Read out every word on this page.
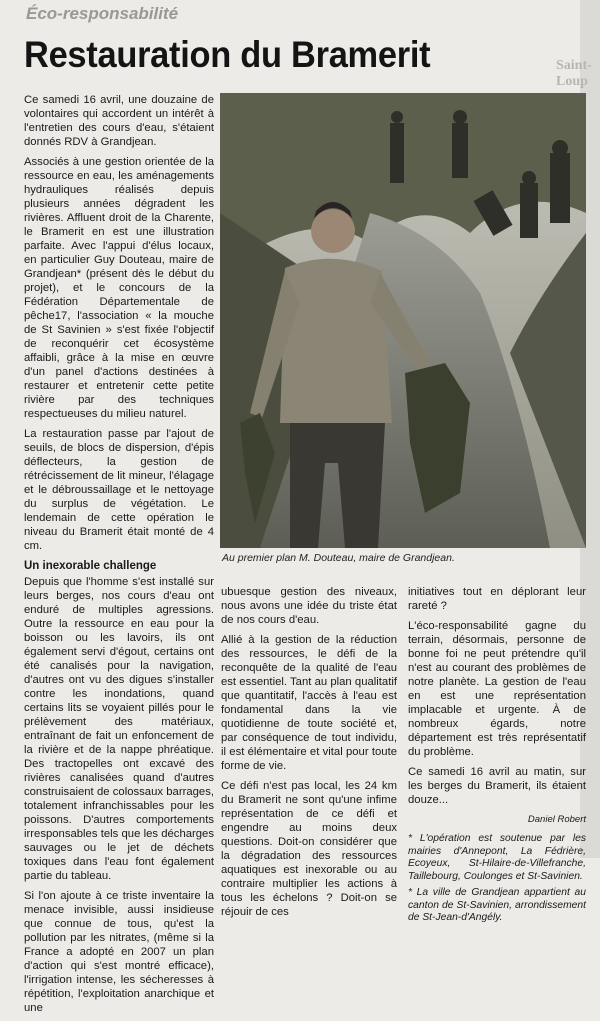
Saint-Loup
Éco-responsabilité
Restauration du Bramerit

Ce samedi 16 avril, une douzaine de volontaires qui accordent un intérêt à l'entretien des cours d'eau, s'étaient donnés RDV à Grandjean.

Associés à une gestion orientée de la ressource en eau, les aménagements hydrauliques réalisés depuis plusieurs années dégradent les rivières. Affluent droit de la Charente, le Bramerit en est une illustration parfaite. Avec l'appui d'élus locaux, en particulier Guy Douteau, maire de Grandjean* (présent dès le début du projet), et le concours de la Fédération Départementale de pêche17, l'association « la mouche de St Savinien » s'est fixée l'objectif de reconquérir cet écosystème affaibli, grâce à la mise en œuvre d'un panel d'actions destinées à restaurer et entretenir cette petite rivière par des techniques respectueuses du milieu naturel.

La restauration passe par l'ajout de seuils, de blocs de dispersion, d'épis déflecteurs, la gestion de rétrécissement de lit mineur, l'élagage et le débroussaillage et le nettoyage du surplus de végétation. Le lendemain de cette opération le niveau du Bramerit était monté de 4 cm.

Un inexorable challenge

Depuis que l'homme s'est installé sur leurs berges, nos cours d'eau ont enduré de multiples agressions. Outre la ressource en eau pour la boisson ou les lavoirs, ils ont également servi d'égout, certains ont été canalisés pour la navigation, d'autres ont vu des digues s'installer contre les inondations, quand certains lits se voyaient pillés pour le prélèvement des matériaux, entraînant de fait un enfoncement de la rivière et de la nappe phréatique. Des tractopelles ont excavé des rivières canalisées quand d'autres construisaient de colossaux barrages, totalement infranchissables pour les poissons. D'autres comportements irresponsables tels que les décharges sauvages ou le jet de déchets toxiques dans l'eau font également partie du tableau.

Si l'on ajoute à ce triste inventaire la menace invisible, aussi insidieuse que connue de tous, qu'est la pollution par les nitrates, (même si la France a adopté en 2007 un plan d'action qui s'est montré efficace), l'irrigation intense, les sécheresses à répétition, l'exploitation anarchique et une

Au premier plan M. Douteau, maire de Grandjean.

ubuesque gestion des niveaux, nous avons une idée du triste état de nos cours d'eau.

Allié à la gestion de la réduction des ressources, le défi de la reconquête de la qualité de l'eau est essentiel. Tant au plan qualitatif que quantitatif, l'accès à l'eau est fondamental dans la vie quotidienne de toute société et, par conséquence de tout individu, il est élémentaire et vital pour toute forme de vie.

Ce défi n'est pas local, les 24 km du Bramerit ne sont qu'une infime représentation de ce défi et engendre au moins deux questions. Doit-on considérer que la dégradation des ressources aquatiques est inexorable ou au contraire multiplier les actions à tous les échelons ? Doit-on se réjouir de ces

initiatives tout en déplorant leur rareté ?

L'éco-responsabilité gagne du terrain, désormais, personne de bonne foi ne peut prétendre qu'il n'est au courant des problèmes de notre planète. La gestion de l'eau en est une représentation implacable et urgente. À de nombreux égards, notre département est très représentatif du problème.

Ce samedi 16 avril au matin, sur les berges du Bramerit, ils étaient douze...

Daniel Robert

* L'opération est soutenue par les mairies d'Annepont, La Fédrière, Ecoyeux, St-Hilaire-de-Villefranche, Taillebourg, Coulonges et St-Savinien.

* La ville de Grandjean appartient au canton de St-Savinien, arrondissement de St-Jean-d'Angély.
